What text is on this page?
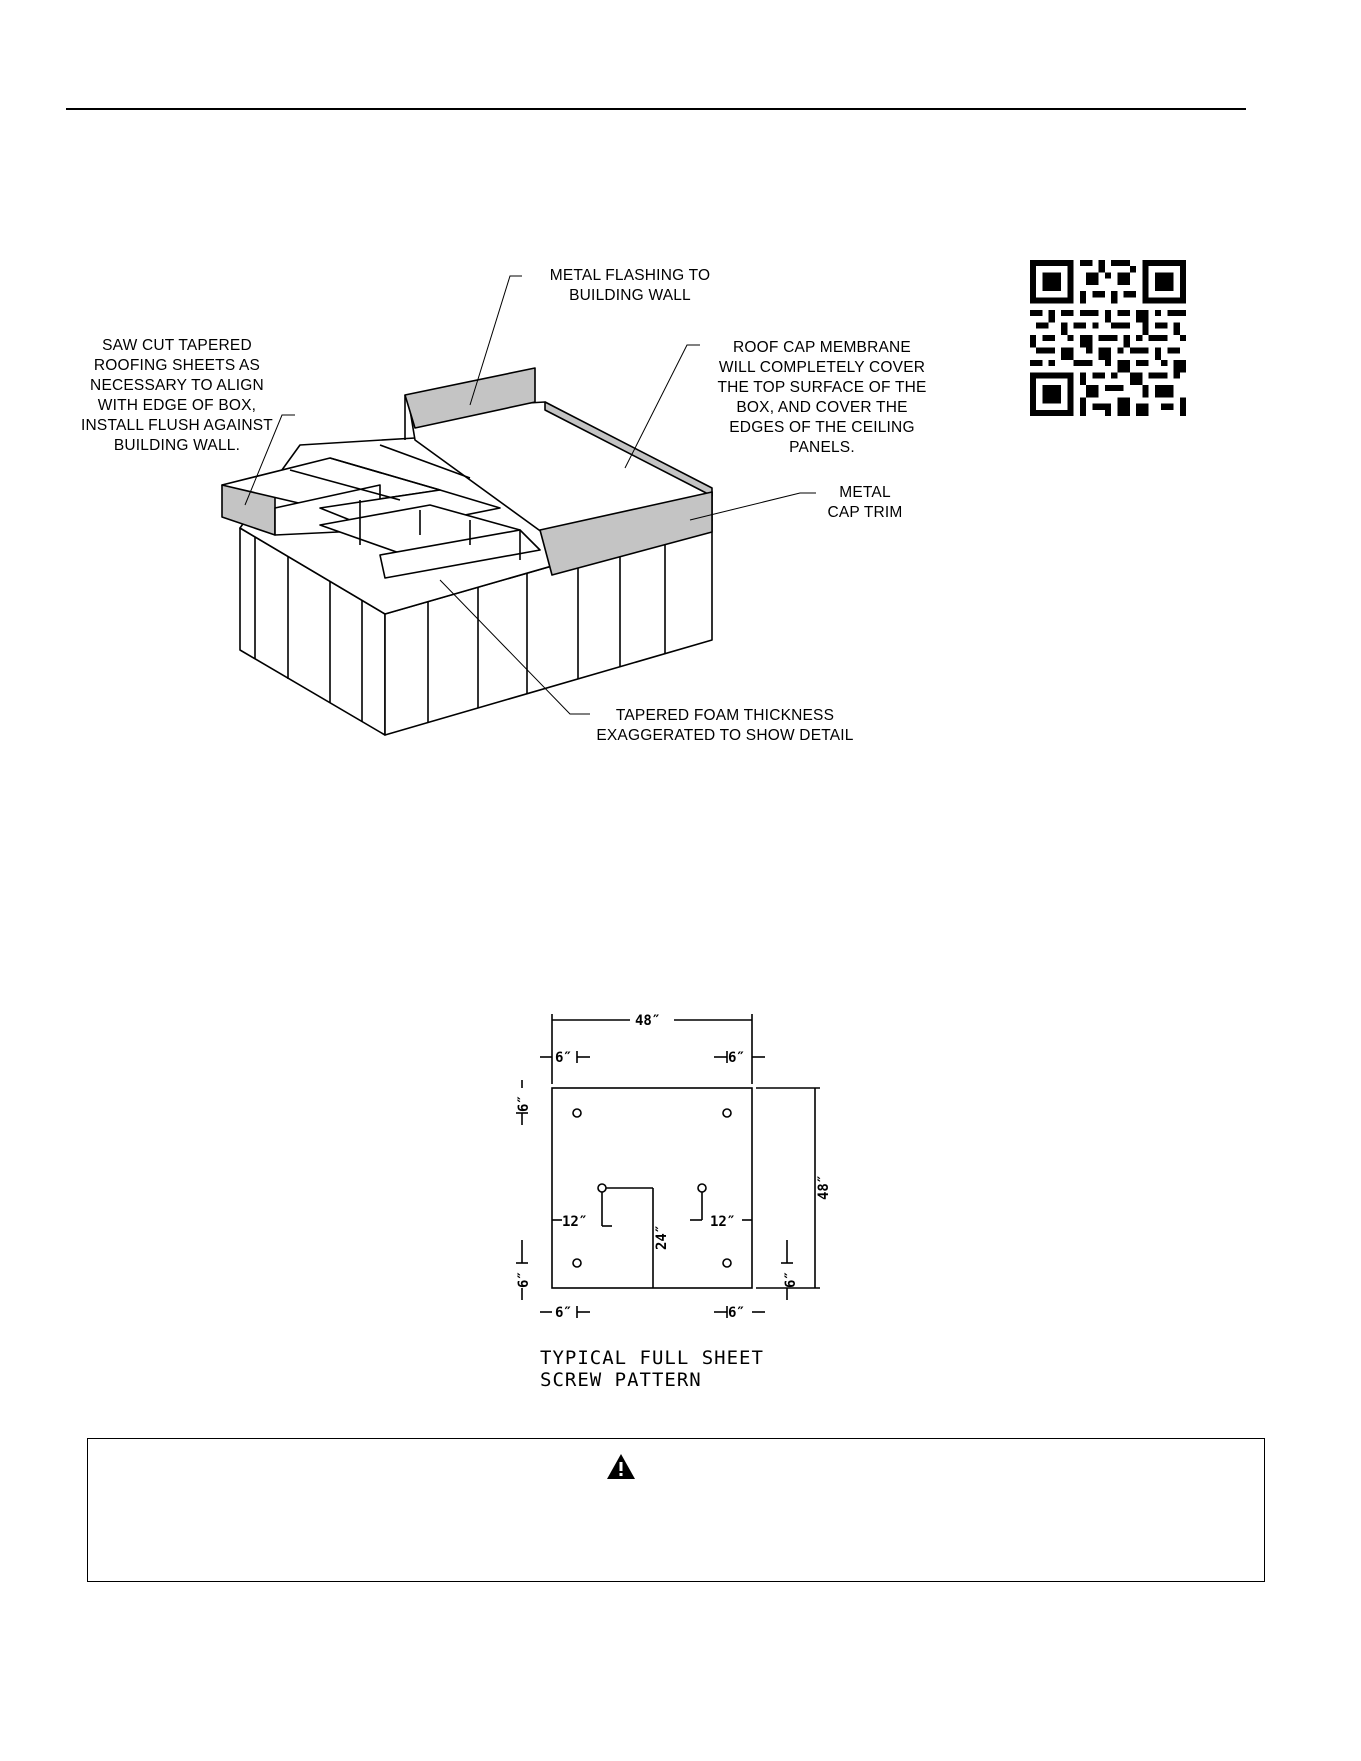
METAL FLASHING TO
BUILDING WALL
SAW CUT TAPERED
ROOFING SHEETS AS
NECESSARY TO ALIGN
WITH EDGE OF BOX,
INSTALL FLUSH AGAINST
BUILDING WALL.
ROOF CAP MEMBRANE
WILL COMPLETELY COVER
THE TOP SURFACE OF THE
BOX, AND COVER THE
EDGES OF THE CEILING
PANELS.
METAL
CAP TRIM
TAPERED FOAM THICKNESS
EXAGGERATED TO SHOW DETAIL
48″
6″	6″
6″	6″
12″	12″
24″
48″
6″
6″	6″
TYPICAL FULL SHEET
SCREW PATTERN
